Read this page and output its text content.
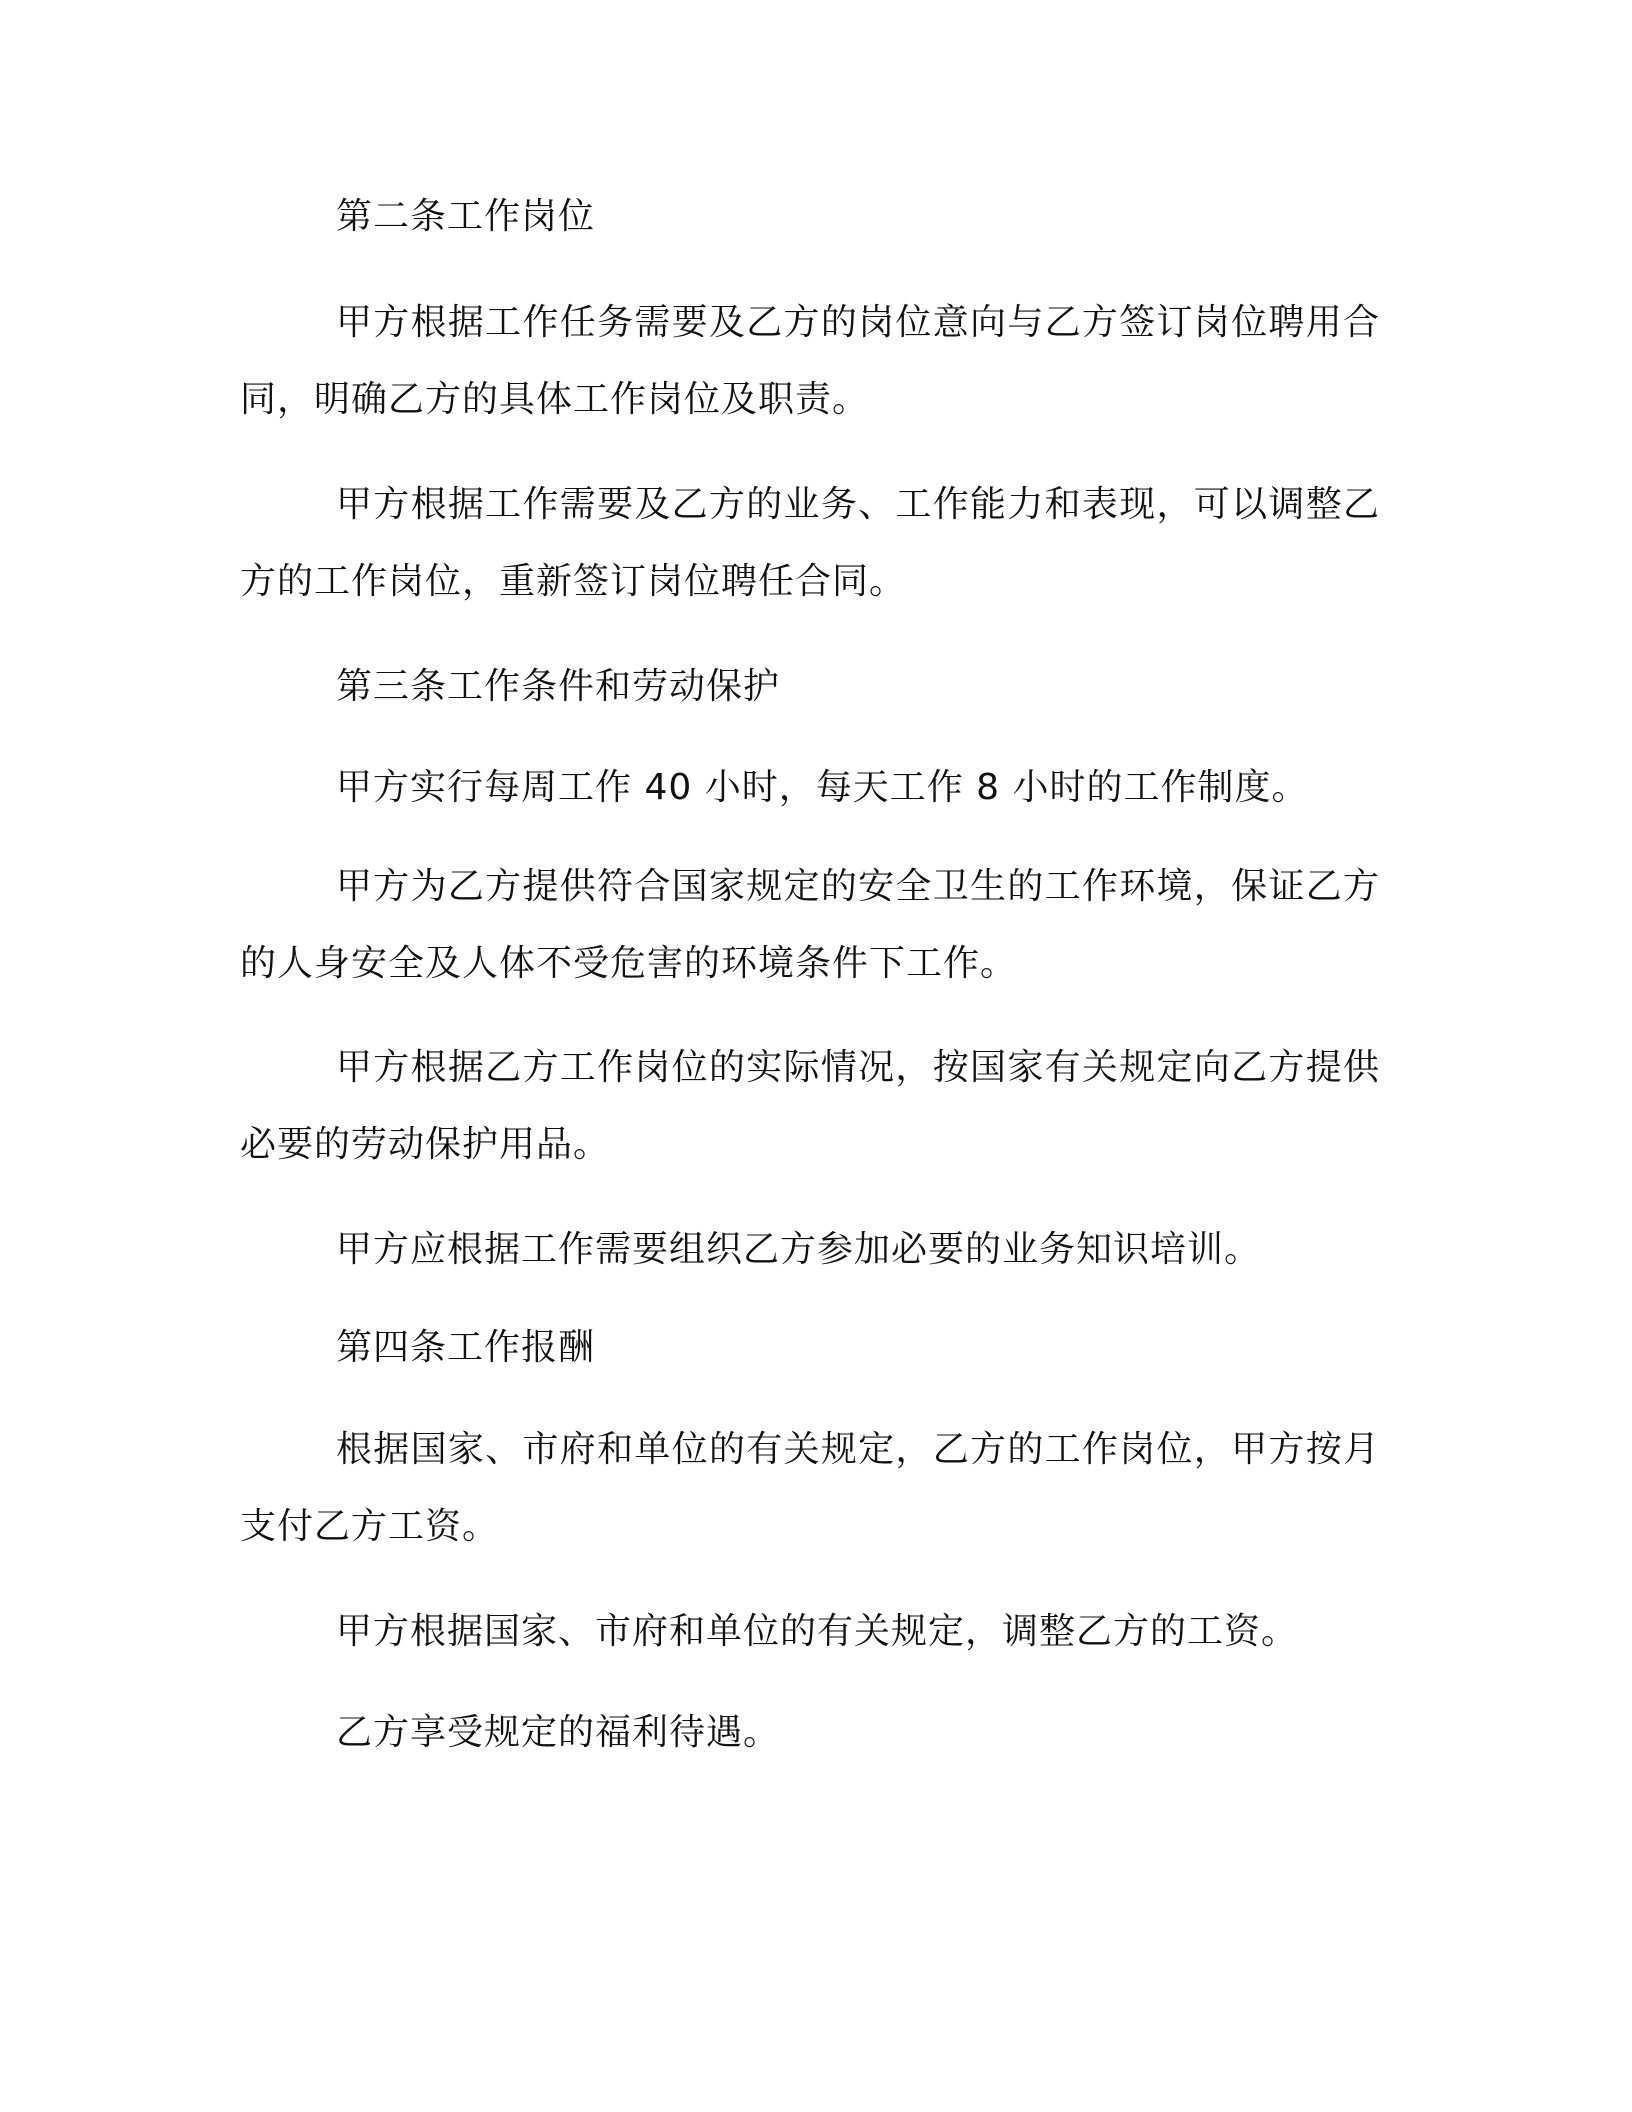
第二条工作岗位

甲方根据工作任务需要及乙方的岗位意向与乙方签订岗位聘用合同，明确乙方的具体工作岗位及职责。

甲方根据工作需要及乙方的业务、工作能力和表现，可以调整乙方的工作岗位，重新签订岗位聘任合同。

第三条工作条件和劳动保护

甲方实行每周工作 40 小时，每天工作 8 小时的工作制度。

甲方为乙方提供符合国家规定的安全卫生的工作环境，保证乙方的人身安全及人体不受危害的环境条件下工作。

甲方根据乙方工作岗位的实际情况，按国家有关规定向乙方提供必要的劳动保护用品。

甲方应根据工作需要组织乙方参加必要的业务知识培训。

第四条工作报酬

根据国家、市府和单位的有关规定，乙方的工作岗位，甲方按月支付乙方工资。

甲方根据国家、市府和单位的有关规定，调整乙方的工资。

乙方享受规定的福利待遇。
